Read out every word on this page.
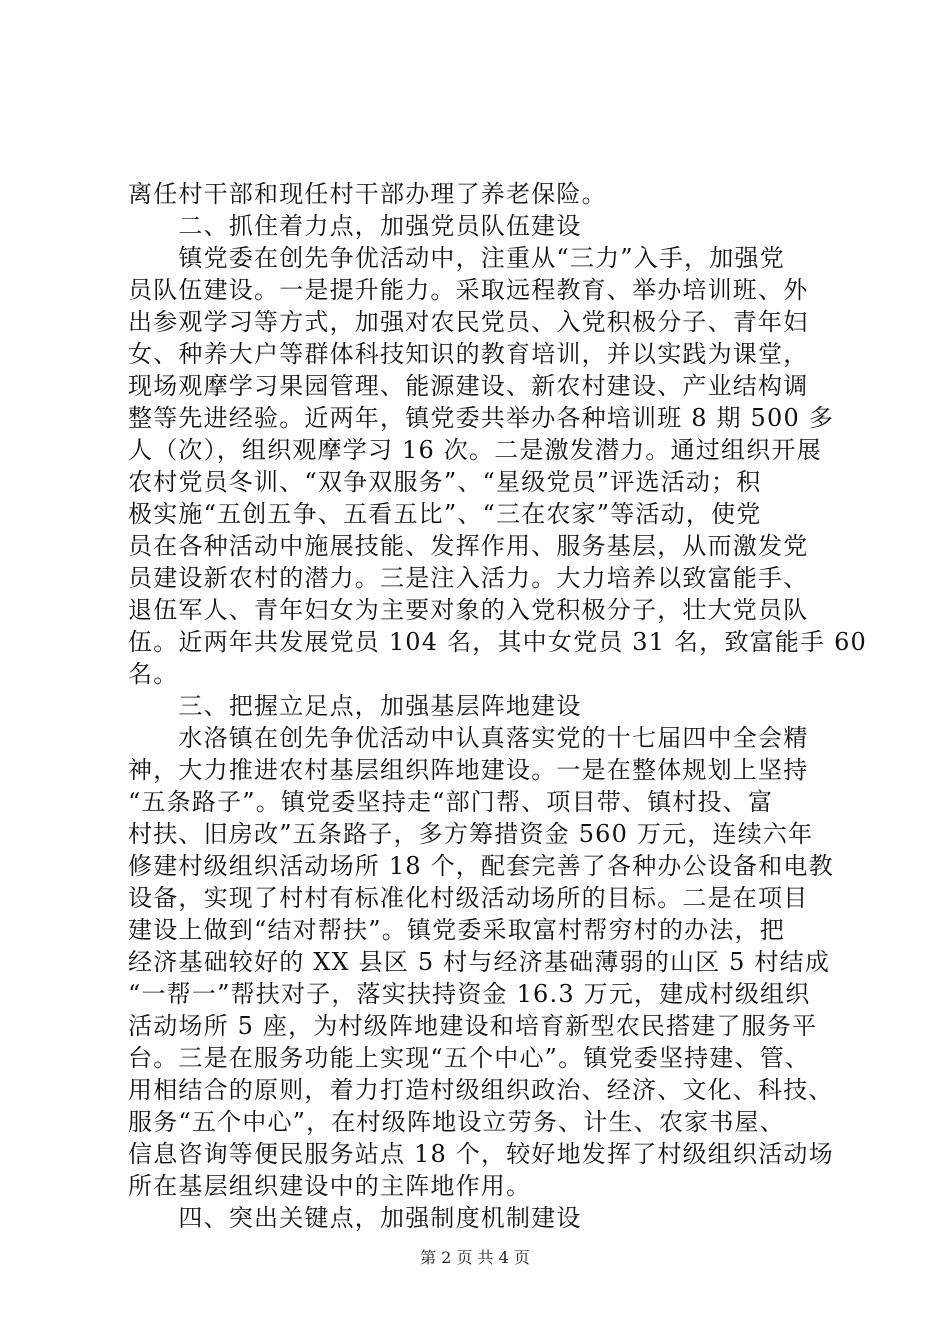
离任村干部和现任村干部办理了养老保险。
　　二、抓住着力点，加强党员队伍建设
　　镇党委在创先争优活动中，注重从“三力”入手，加强党
员队伍建设。一是提升能力。采取远程教育、举办培训班、外
出参观学习等方式，加强对农民党员、入党积极分子、青年妇
女、种养大户等群体科技知识的教育培训，并以实践为课堂，
现场观摩学习果园管理、能源建设、新农村建设、产业结构调
整等先进经验。近两年，镇党委共举办各种培训班 8 期 500 多
人（次），组织观摩学习 16 次。二是激发潜力。通过组织开展
农村党员冬训、“双争双服务”、“星级党员”评选活动；积
极实施“五创五争、五看五比”、“三在农家”等活动，使党
员在各种活动中施展技能、发挥作用、服务基层，从而激发党
员建设新农村的潜力。三是注入活力。大力培养以致富能手、
退伍军人、青年妇女为主要对象的入党积极分子，壮大党员队
伍。近两年共发展党员 104 名，其中女党员 31 名，致富能手 60
名。
　　三、把握立足点，加强基层阵地建设
　　水洛镇在创先争优活动中认真落实党的十七届四中全会精
神，大力推进农村基层组织阵地建设。一是在整体规划上坚持
“五条路子”。镇党委坚持走“部门帮、项目带、镇村投、富
村扶、旧房改”五条路子，多方筹措资金 560 万元，连续六年
修建村级组织活动场所 18 个，配套完善了各种办公设备和电教
设备，实现了村村有标准化村级活动场所的目标。二是在项目
建设上做到“结对帮扶”。镇党委采取富村帮穷村的办法，把
经济基础较好的 XX 县区 5 村与经济基础薄弱的山区 5 村结成
“一帮一”帮扶对子，落实扶持资金 16.3 万元，建成村级组织
活动场所 5 座，为村级阵地建设和培育新型农民搭建了服务平
台。三是在服务功能上实现“五个中心”。镇党委坚持建、管、
用相结合的原则，着力打造村级组织政治、经济、文化、科技、
服务“五个中心”，在村级阵地设立劳务、计生、农家书屋、
信息咨询等便民服务站点 18 个，较好地发挥了村级组织活动场
所在基层组织建设中的主阵地作用。
　　四、突出关键点，加强制度机制建设
第 2 页 共 4 页
